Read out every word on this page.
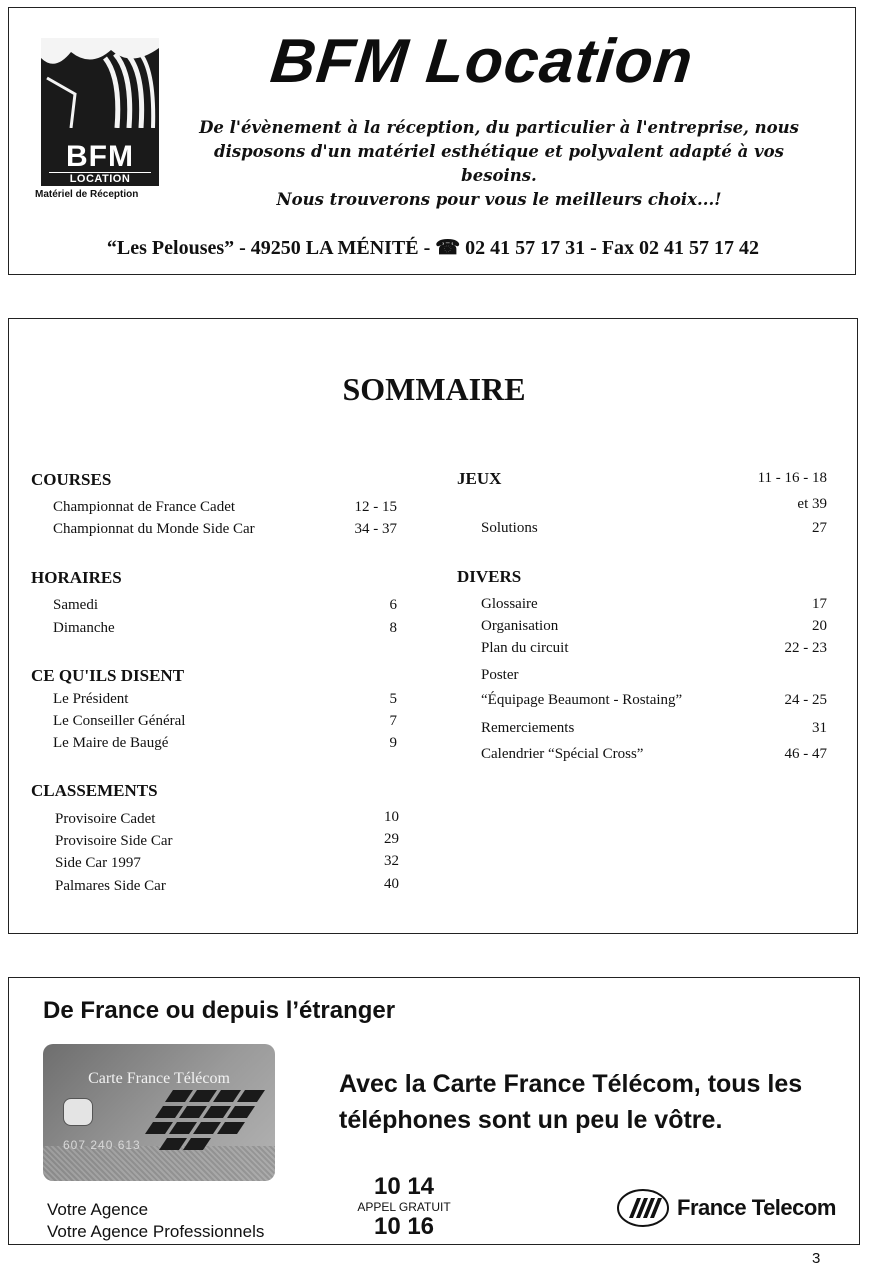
BFM
LOCATION
Matériel de Réception
BFM Location
De l'évènement à la réception, du particulier à l'entreprise, nous
disposons d'un matériel esthétique et polyvalent adapté à vos besoins.
Nous trouverons pour vous le meilleurs choix...!
“Les Pelouses” - 49250 LA MÉNITÉ - ☎ 02 41 57 17 31 - Fax 02 41 57 17 42
SOMMAIRE
COURSES
Championnat de France Cadet	12 - 15
Championnat du Monde Side Car	34 - 37
HORAIRES
Samedi	6
Dimanche	8
CE QU'ILS DISENT
Le Président	5
Le Conseiller Général	7
Le Maire de Baugé	9
CLASSEMENTS
Provisoire Cadet	10
Provisoire Side Car	29
Side Car 1997	32
Palmares Side Car	40
JEUX	11 - 16 - 18
et 39
Solutions	27
DIVERS
Glossaire	17
Organisation	20
Plan du circuit	22 - 23
Poster
“Équipage Beaumont - Rostaing”	24 - 25
Remerciements	31
Calendrier “Spécial Cross”	46 - 47
De France ou depuis l’étranger
Carte France Télécom
607 240 613
Avec la Carte France Télécom, tous les téléphones sont un peu le vôtre.
Votre Agence
Votre Agence Professionnels
10 14
APPEL GRATUIT
10 16
France Telecom
3
